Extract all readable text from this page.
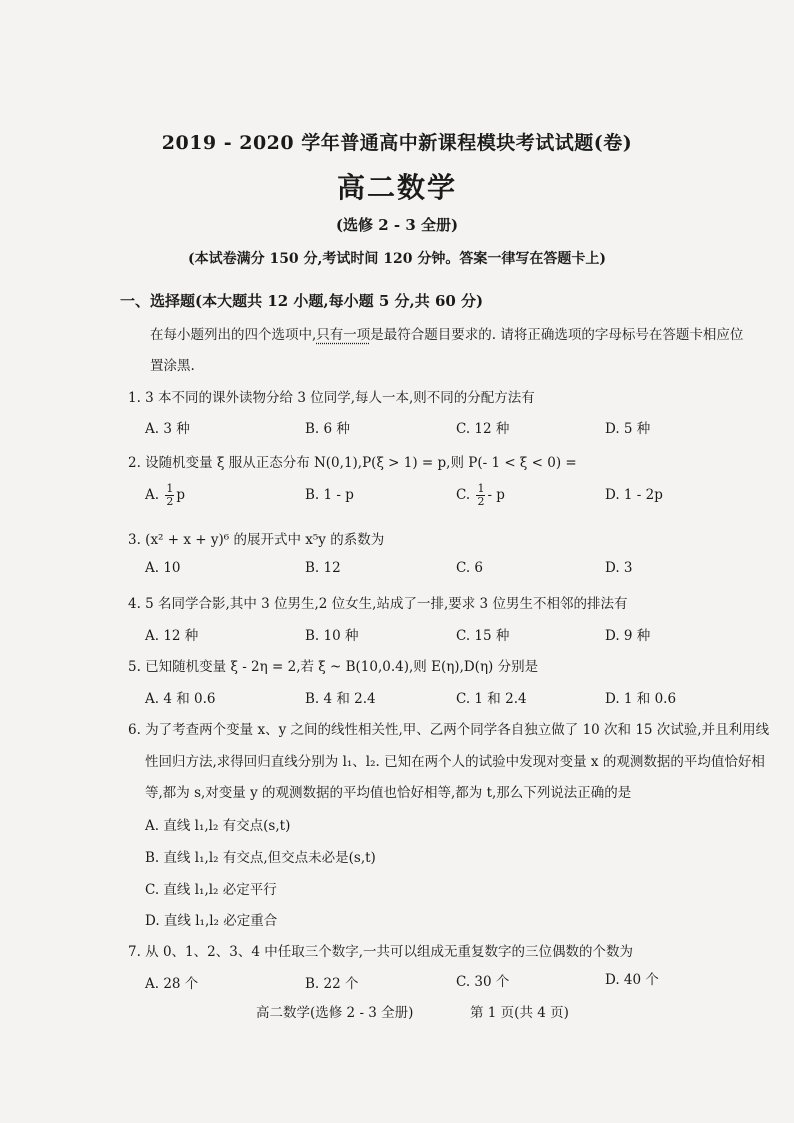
2019 - 2020 学年普通高中新课程模块考试试题(卷)
高二数学
(选修 2 - 3 全册)
(本试卷满分 150 分,考试时间 120 分钟。答案一律写在答题卡上)
一、选择题(本大题共 12 小题,每小题 5 分,共 60 分)
在每小题列出的四个选项中,只有一项是最符合题目要求的. 请将正确选项的字母标号在答题卡相应位
置涂黑.
1. 3 本不同的课外读物分给 3 位同学,每人一本,则不同的分配方法有
A. 3 种	B. 6 种	C. 12 种	D. 5 种
2. 设随机变量 ξ 服从正态分布 N(0,1),P(ξ > 1) = p,则 P(- 1 < ξ < 0) =
A. $\frac{1}{2}$ p	B. 1 - p	C. $\frac{1}{2}$ - p	D. 1 - 2p
3. (x² + x + y)⁶ 的展开式中 x⁵y 的系数为
A. 10	B. 12	C. 6	D. 3
4. 5 名同学合影,其中 3 位男生,2 位女生,站成了一排,要求 3 位男生不相邻的排法有
A. 12 种	B. 10 种	C. 15 种	D. 9 种
5. 已知随机变量 ξ - 2η = 2,若 ξ ~ B(10,0.4),则 E(η),D(η) 分别是
A. 4 和 0.6	B. 4 和 2.4	C. 1 和 2.4	D. 1 和 0.6
6. 为了考查两个变量 x、y 之间的线性相关性,甲、乙两个同学各自独立做了 10 次和 15 次试验,并且利用线
性回归方法,求得回归直线分别为 l₁、l₂. 已知在两个人的试验中发现对变量 x 的观测数据的平均值恰好相
等,都为 s,对变量 y 的观测数据的平均值也恰好相等,都为 t,那么下列说法正确的是
A. 直线 l₁,l₂ 有交点(s,t)
B. 直线 l₁,l₂ 有交点,但交点未必是(s,t)
C. 直线 l₁,l₂ 必定平行
D. 直线 l₁,l₂ 必定重合
7. 从 0、1、2、3、4 中任取三个数字,一共可以组成无重复数字的三位偶数的个数为
A. 28 个	B. 22 个	C. 30 个	D. 40 个
高二数学(选修 2 - 3 全册)	第 1 页(共 4 页)
